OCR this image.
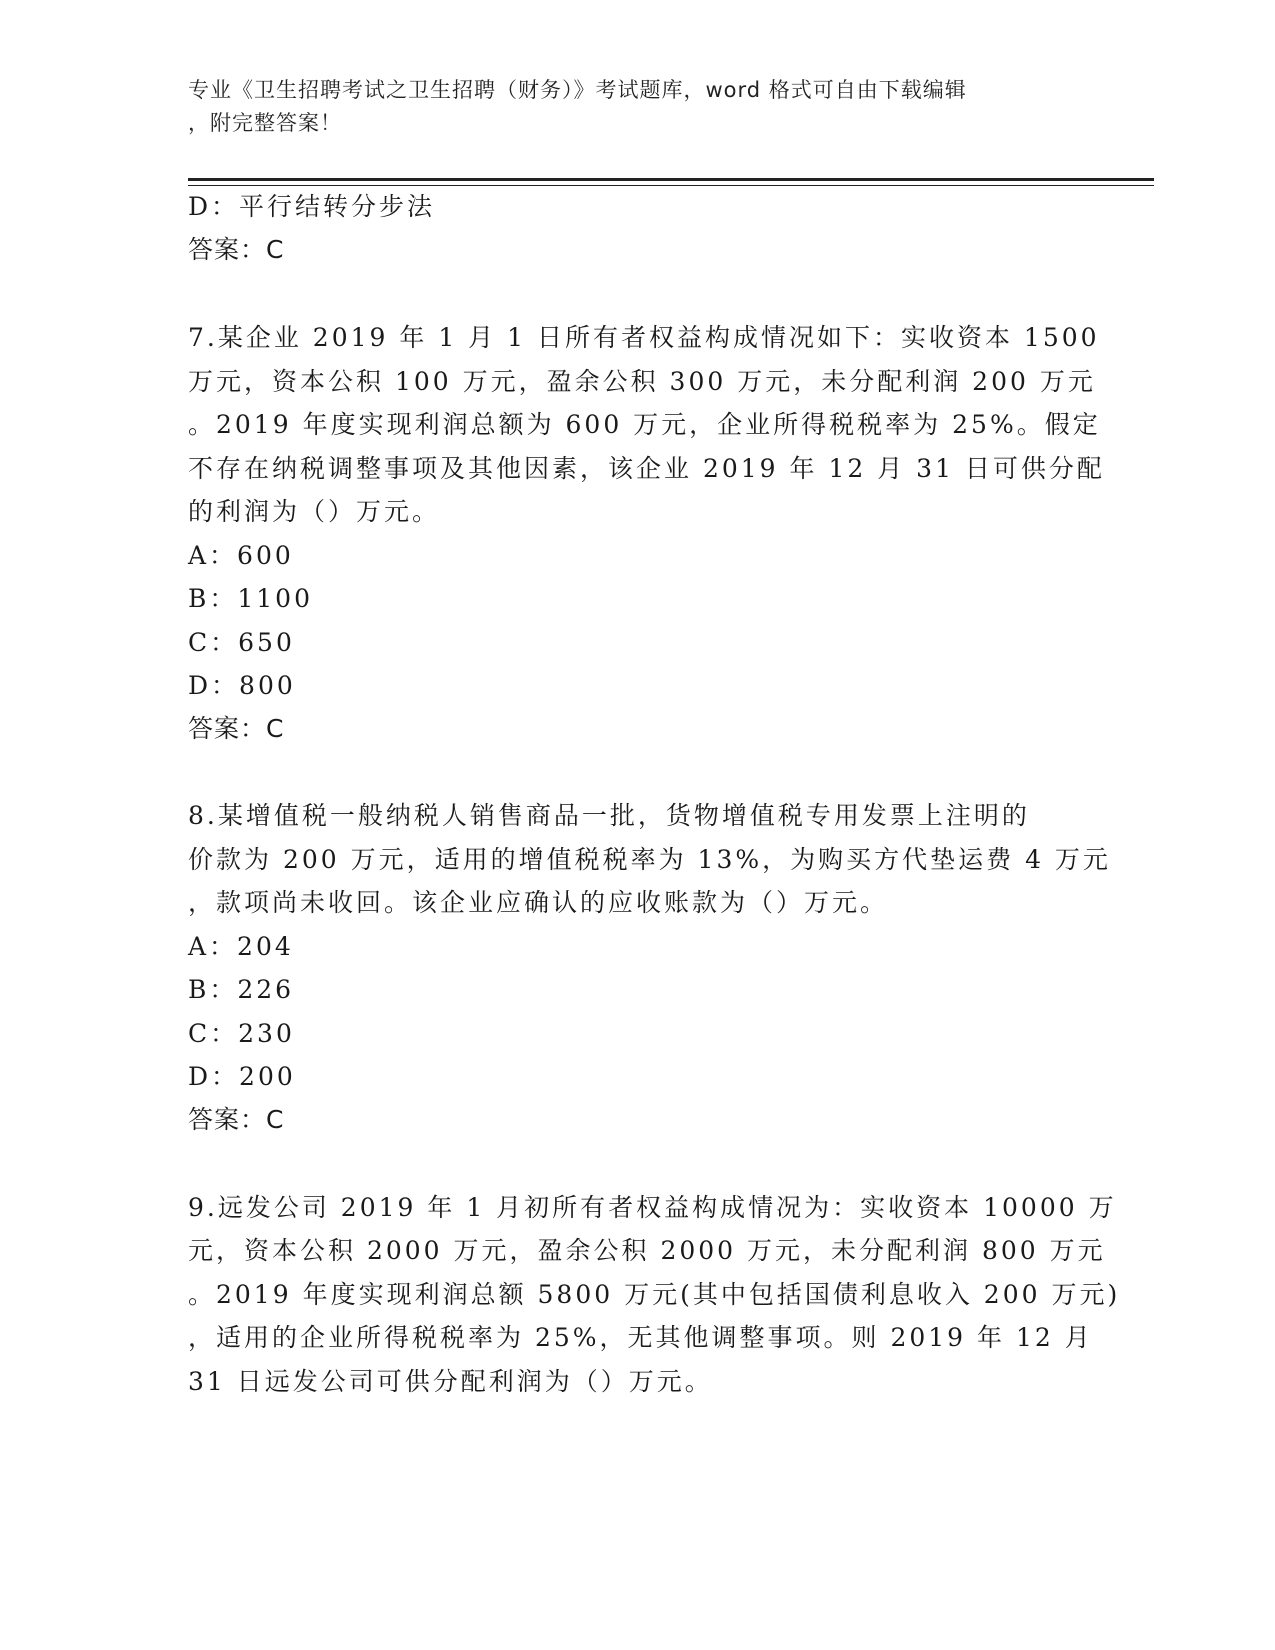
专业《卫生招聘考试之卫生招聘（财务）》考试题库，word 格式可自由下载编辑
，附完整答案！
D：平行结转分步法
答案：C
7.某企业 2019 年 1 月 1 日所有者权益构成情况如下：实收资本 1500
万元，资本公积 100 万元，盈余公积 300 万元，未分配利润 200 万元
。2019 年度实现利润总额为 600 万元，企业所得税税率为 25%。假定
不存在纳税调整事项及其他因素，该企业 2019 年 12 月 31 日可供分配
的利润为（）万元。
A：600
B：1100
C：650
D：800
答案：C
8.某增值税一般纳税人销售商品一批，货物增值税专用发票上注明的
价款为 200 万元，适用的增值税税率为 13%，为购买方代垫运费 4 万元
，款项尚未收回。该企业应确认的应收账款为（）万元。
A：204
B：226
C：230
D：200
答案：C
9.远发公司 2019 年 1 月初所有者权益构成情况为：实收资本 10000 万
元，资本公积 2000 万元，盈余公积 2000 万元，未分配利润 800 万元
。2019 年度实现利润总额 5800 万元(其中包括国债利息收入 200 万元)
，适用的企业所得税税率为 25%，无其他调整事项。则 2019 年 12 月
31 日远发公司可供分配利润为（）万元。
